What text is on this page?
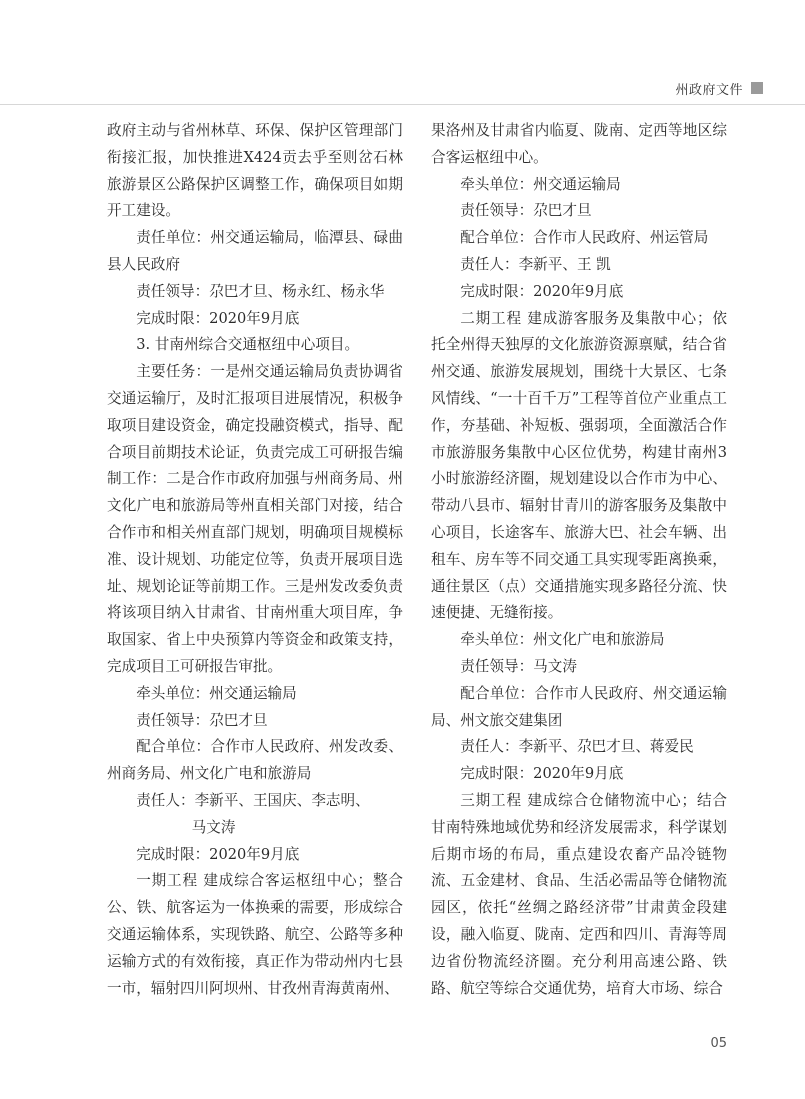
州政府文件

政府主动与省州林草、环保、保护区管理部门衔接汇报，加快推进X424贡去乎至则岔石林旅游景区公路保护区调整工作，确保项目如期开工建设。

责任单位：州交通运输局，临潭县、碌曲县人民政府

责任领导：尕巴才旦、杨永红、杨永华

完成时限：2020年9月底

3. 甘南州综合交通枢纽中心项目。

主要任务：一是州交通运输局负责协调省交通运输厅，及时汇报项目进展情况，积极争取项目建设资金，确定投融资模式，指导、配合项目前期技术论证，负责完成工可研报告编制工作：二是合作市政府加强与州商务局、州文化广电和旅游局等州直相关部门对接，结合合作市和相关州直部门规划，明确项目规模标准、设计规划、功能定位等，负责开展项目选址、规划论证等前期工作。三是州发改委负责将该项目纳入甘肃省、甘南州重大项目库，争取国家、省上中央预算内等资金和政策支持，完成项目工可研报告审批。

牵头单位：州交通运输局

责任领导：尕巴才旦

配合单位：合作市人民政府、州发改委、州商务局、州文化广电和旅游局

责任人：李新平、王国庆、李志明、

马文涛

完成时限：2020年9月底

一期工程 建成综合客运枢纽中心；整合公、铁、航客运为一体换乘的需要，形成综合交通运输体系，实现铁路、航空、公路等多种运输方式的有效衔接，真正作为带动州内七县一市，辐射四川阿坝州、甘孜州青海黄南州、

果洛州及甘肃省内临夏、陇南、定西等地区综合客运枢纽中心。

牵头单位：州交通运输局

责任领导：尕巴才旦

配合单位：合作市人民政府、州运管局

责任人：李新平、王 凯

完成时限：2020年9月底

二期工程 建成游客服务及集散中心；依托全州得天独厚的文化旅游资源禀赋，结合省州交通、旅游发展规划，围绕十大景区、七条风情线、“一十百千万”工程等首位产业重点工作，夯基础、补短板、强弱项，全面激活合作市旅游服务集散中心区位优势，构建甘南州3小时旅游经济圈，规划建设以合作市为中心、带动八县市、辐射甘青川的游客服务及集散中心项目，长途客车、旅游大巴、社会车辆、出租车、房车等不同交通工具实现零距离换乘，通往景区（点）交通措施实现多路径分流、快速便捷、无缝衔接。

牵头单位：州文化广电和旅游局

责任领导：马文涛

配合单位：合作市人民政府、州交通运输局、州文旅交建集团

责任人：李新平、尕巴才旦、蒋爱民

完成时限：2020年9月底

三期工程 建成综合仓储物流中心；结合甘南特殊地域优势和经济发展需求，科学谋划后期市场的布局，重点建设农畜产品冷链物流、五金建材、食品、生活必需品等仓储物流园区，依托“丝绸之路经济带”甘肃黄金段建设，融入临夏、陇南、定西和四川、青海等周边省份物流经济圈。充分利用高速公路、铁路、航空等综合交通优势，培育大市场、综合

05
